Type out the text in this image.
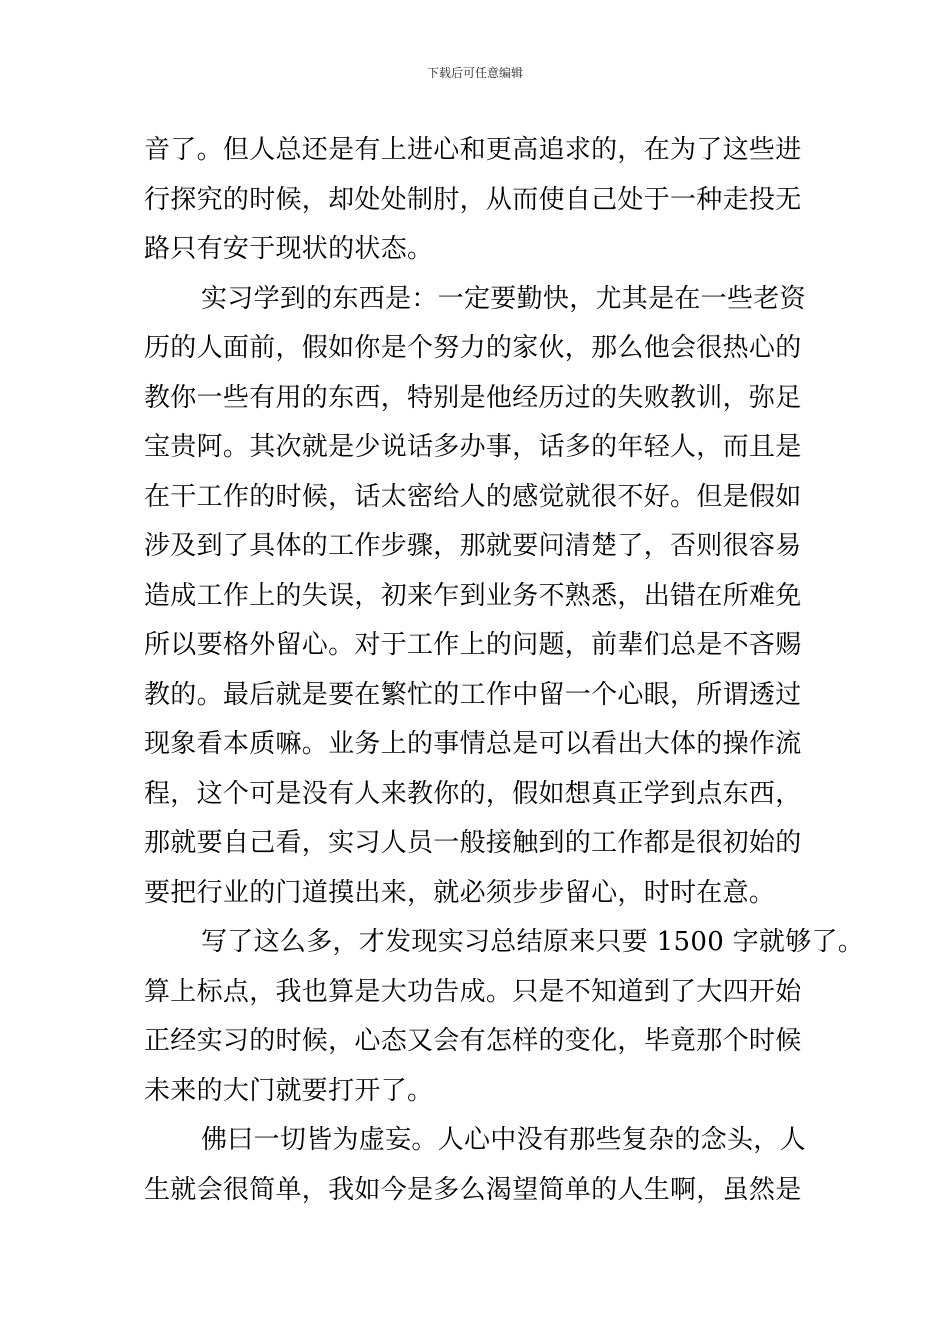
下载后可任意编辑
音了。但人总还是有上进心和更高追求的，在为了这些进
行探究的时候，却处处制肘，从而使自己处于一种走投无
路只有安于现状的状态。
实习学到的东西是：一定要勤快，尤其是在一些老资
历的人面前，假如你是个努力的家伙，那么他会很热心的
教你一些有用的东西，特别是他经历过的失败教训，弥足
宝贵阿。其次就是少说话多办事，话多的年轻人，而且是
在干工作的时候，话太密给人的感觉就很不好。但是假如
涉及到了具体的工作步骤，那就要问清楚了，否则很容易
造成工作上的失误，初来乍到业务不熟悉，出错在所难免
所以要格外留心。对于工作上的问题，前辈们总是不吝赐
教的。最后就是要在繁忙的工作中留一个心眼，所谓透过
现象看本质嘛。业务上的事情总是可以看出大体的操作流
程，这个可是没有人来教你的，假如想真正学到点东西，
那就要自己看，实习人员一般接触到的工作都是很初始的
要把行业的门道摸出来，就必须步步留心，时时在意。
写了这么多，才发现实习总结原来只要 1500 字就够了。
算上标点，我也算是大功告成。只是不知道到了大四开始
正经实习的时候，心态又会有怎样的变化，毕竟那个时候
未来的大门就要打开了。
佛曰一切皆为虚妄。人心中没有那些复杂的念头，人
生就会很简单，我如今是多么渴望简单的人生啊，虽然是
